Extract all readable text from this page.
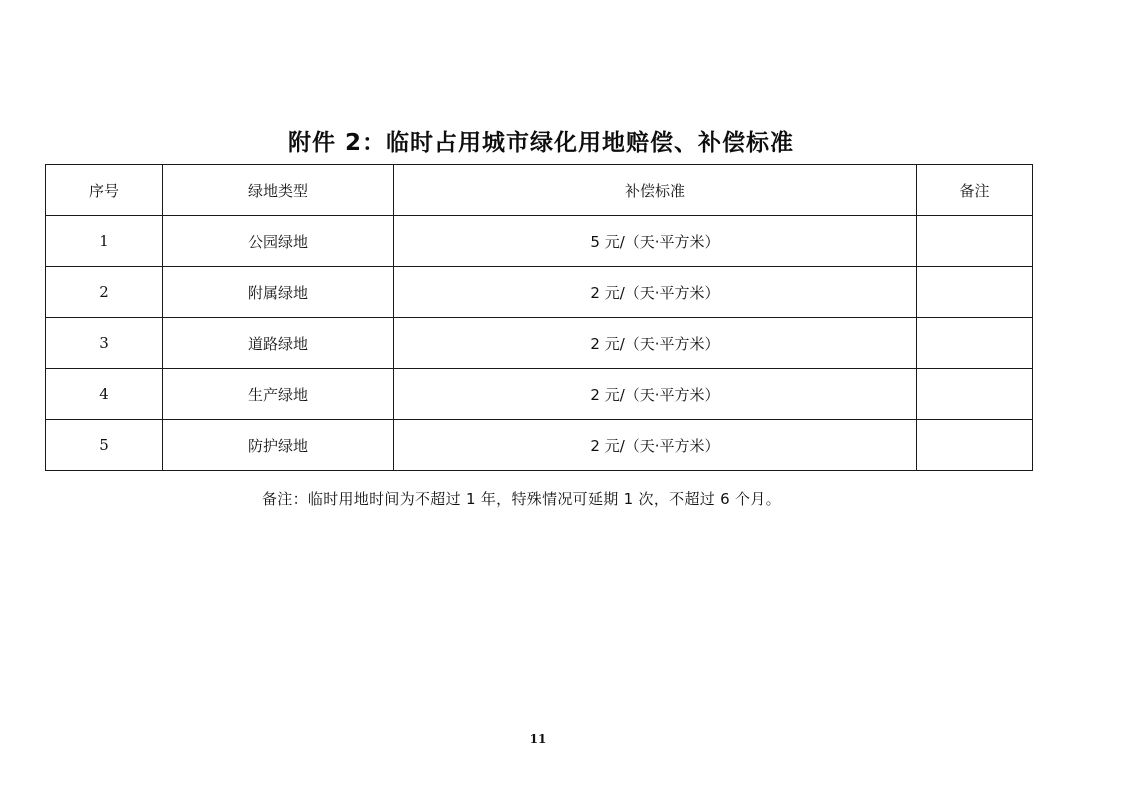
附件 2：临时占用城市绿化用地赔偿、补偿标准
序号	绿地类型	补偿标准	备注
1	公园绿地	5 元/（天·平方米）	
2	附属绿地	2 元/（天·平方米）	
3	道路绿地	2 元/（天·平方米）	
4	生产绿地	2 元/（天·平方米）	
5	防护绿地	2 元/（天·平方米）	
备注：临时用地时间为不超过 1 年，特殊情况可延期 1 次，不超过 6 个月。
11
